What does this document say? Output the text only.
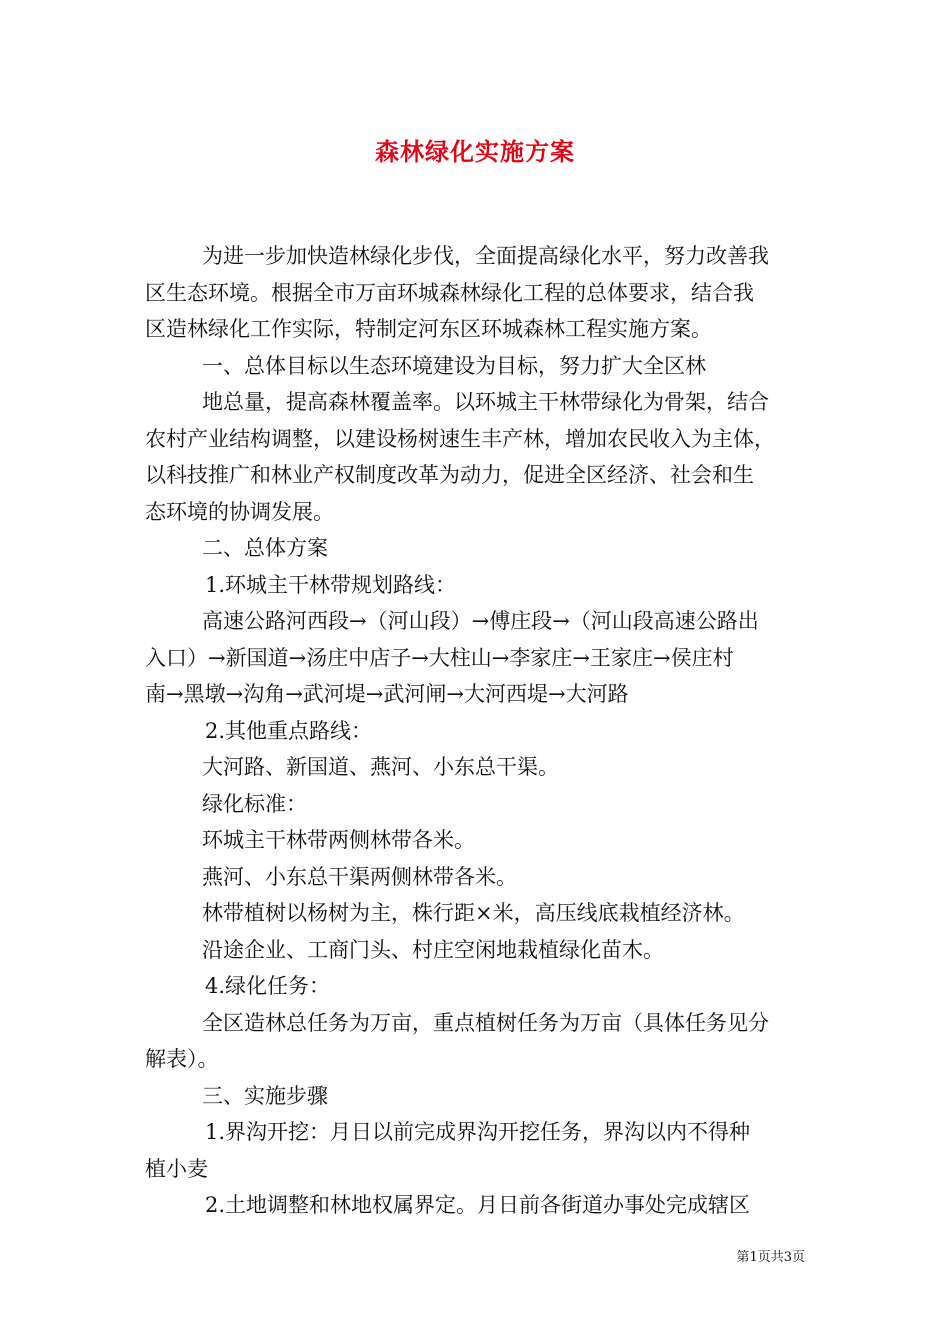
森林绿化实施方案
为进一步加快造林绿化步伐，全面提高绿化水平，努力改善我
区生态环境。根据全市万亩环城森林绿化工程的总体要求，结合我
区造林绿化工作实际，特制定河东区环城森林工程实施方案。
一、总体目标以生态环境建设为目标，努力扩大全区林
地总量，提高森林覆盖率。以环城主干林带绿化为骨架，结合
农村产业结构调整，以建设杨树速生丰产林，增加农民收入为主体，
以科技推广和林业产权制度改革为动力，促进全区经济、社会和生
态环境的协调发展。
二、总体方案
1.环城主干林带规划路线：
高速公路河西段→（河山段）→傅庄段→（河山段高速公路出
入口）→新国道→汤庄中店子→大柱山→李家庄→王家庄→侯庄村
南→黑墩→沟角→武河堤→武河闸→大河西堤→大河路
2.其他重点路线：
大河路、新国道、燕河、小东总干渠。
绿化标准：
环城主干林带两侧林带各米。
燕河、小东总干渠两侧林带各米。
林带植树以杨树为主，株行距×米，高压线底栽植经济林。
沿途企业、工商门头、村庄空闲地栽植绿化苗木。
4.绿化任务：
全区造林总任务为万亩，重点植树任务为万亩（具体任务见分
解表）。
三、实施步骤
1.界沟开挖：月日以前完成界沟开挖任务，界沟以内不得种
植小麦
2.土地调整和林地权属界定。月日前各街道办事处完成辖区
第1页共3页
